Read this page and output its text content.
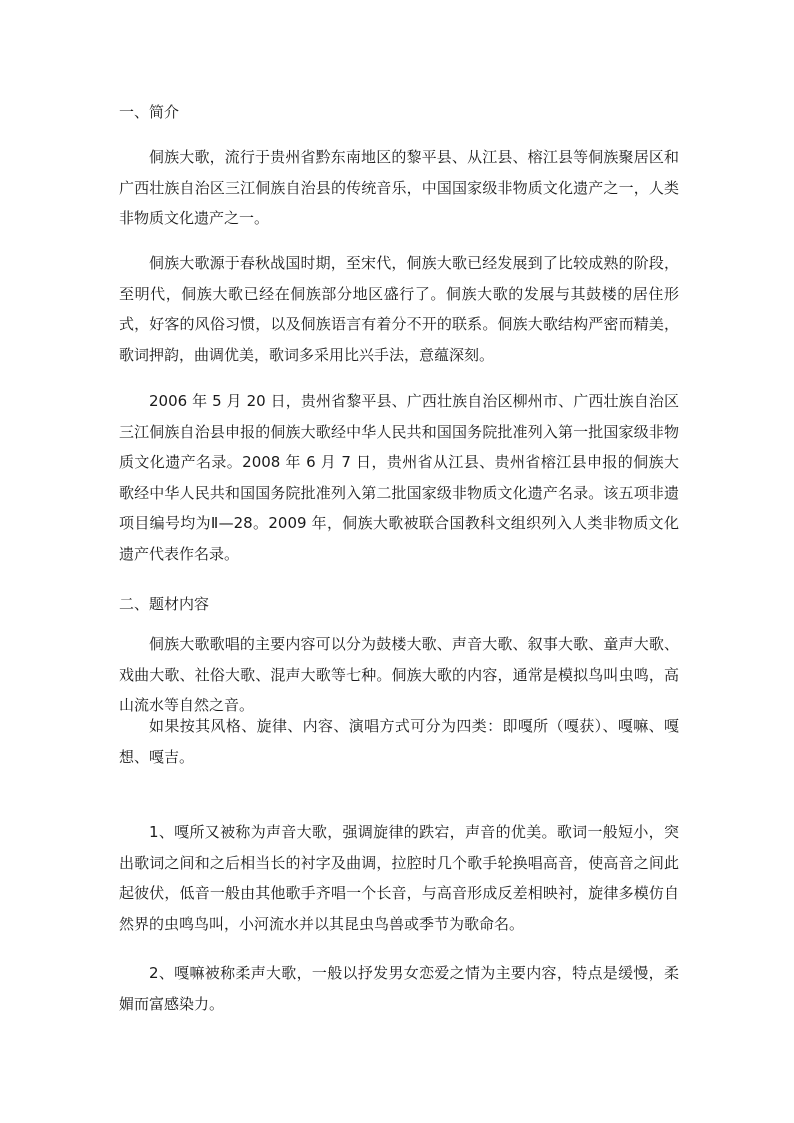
一、简介

侗族大歌，流行于贵州省黔东南地区的黎平县、从江县、榕江县等侗族聚居区和广西壮族自治区三江侗族自治县的传统音乐，中国国家级非物质文化遗产之一，人类非物质文化遗产之一。

侗族大歌源于春秋战国时期，至宋代，侗族大歌已经发展到了比较成熟的阶段，至明代，侗族大歌已经在侗族部分地区盛行了。侗族大歌的发展与其鼓楼的居住形式，好客的风俗习惯，以及侗族语言有着分不开的联系。侗族大歌结构严密而精美，歌词押韵，曲调优美，歌词多采用比兴手法，意蕴深刻。

2006 年 5 月 20 日，贵州省黎平县、广西壮族自治区柳州市、广西壮族自治区三江侗族自治县申报的侗族大歌经中华人民共和国国务院批准列入第一批国家级非物质文化遗产名录。2008 年 6 月 7 日，贵州省从江县、贵州省榕江县申报的侗族大歌经中华人民共和国国务院批准列入第二批国家级非物质文化遗产名录。该五项非遗项目编号均为Ⅱ—28。2009 年，侗族大歌被联合国教科文组织列入人类非物质文化遗产代表作名录。

二、题材内容

侗族大歌歌唱的主要内容可以分为鼓楼大歌、声音大歌、叙事大歌、童声大歌、戏曲大歌、社俗大歌、混声大歌等七种。侗族大歌的内容，通常是模拟鸟叫虫鸣，高山流水等自然之音。

如果按其风格、旋律、内容、演唱方式可分为四类：即嘎所（嘎获）、嘎嘛、嘎想、嘎吉。

1、嘎所又被称为声音大歌，强调旋律的跌宕，声音的优美。歌词一般短小，突出歌词之间和之后相当长的衬字及曲调，拉腔时几个歌手轮换唱高音，使高音之间此起彼伏，低音一般由其他歌手齐唱一个长音，与高音形成反差相映衬，旋律多模仿自然界的虫鸣鸟叫，小河流水并以其昆虫鸟兽或季节为歌命名。

2、嘎嘛被称柔声大歌，一般以抒发男女恋爱之情为主要内容，特点是缓慢，柔媚而富感染力。
